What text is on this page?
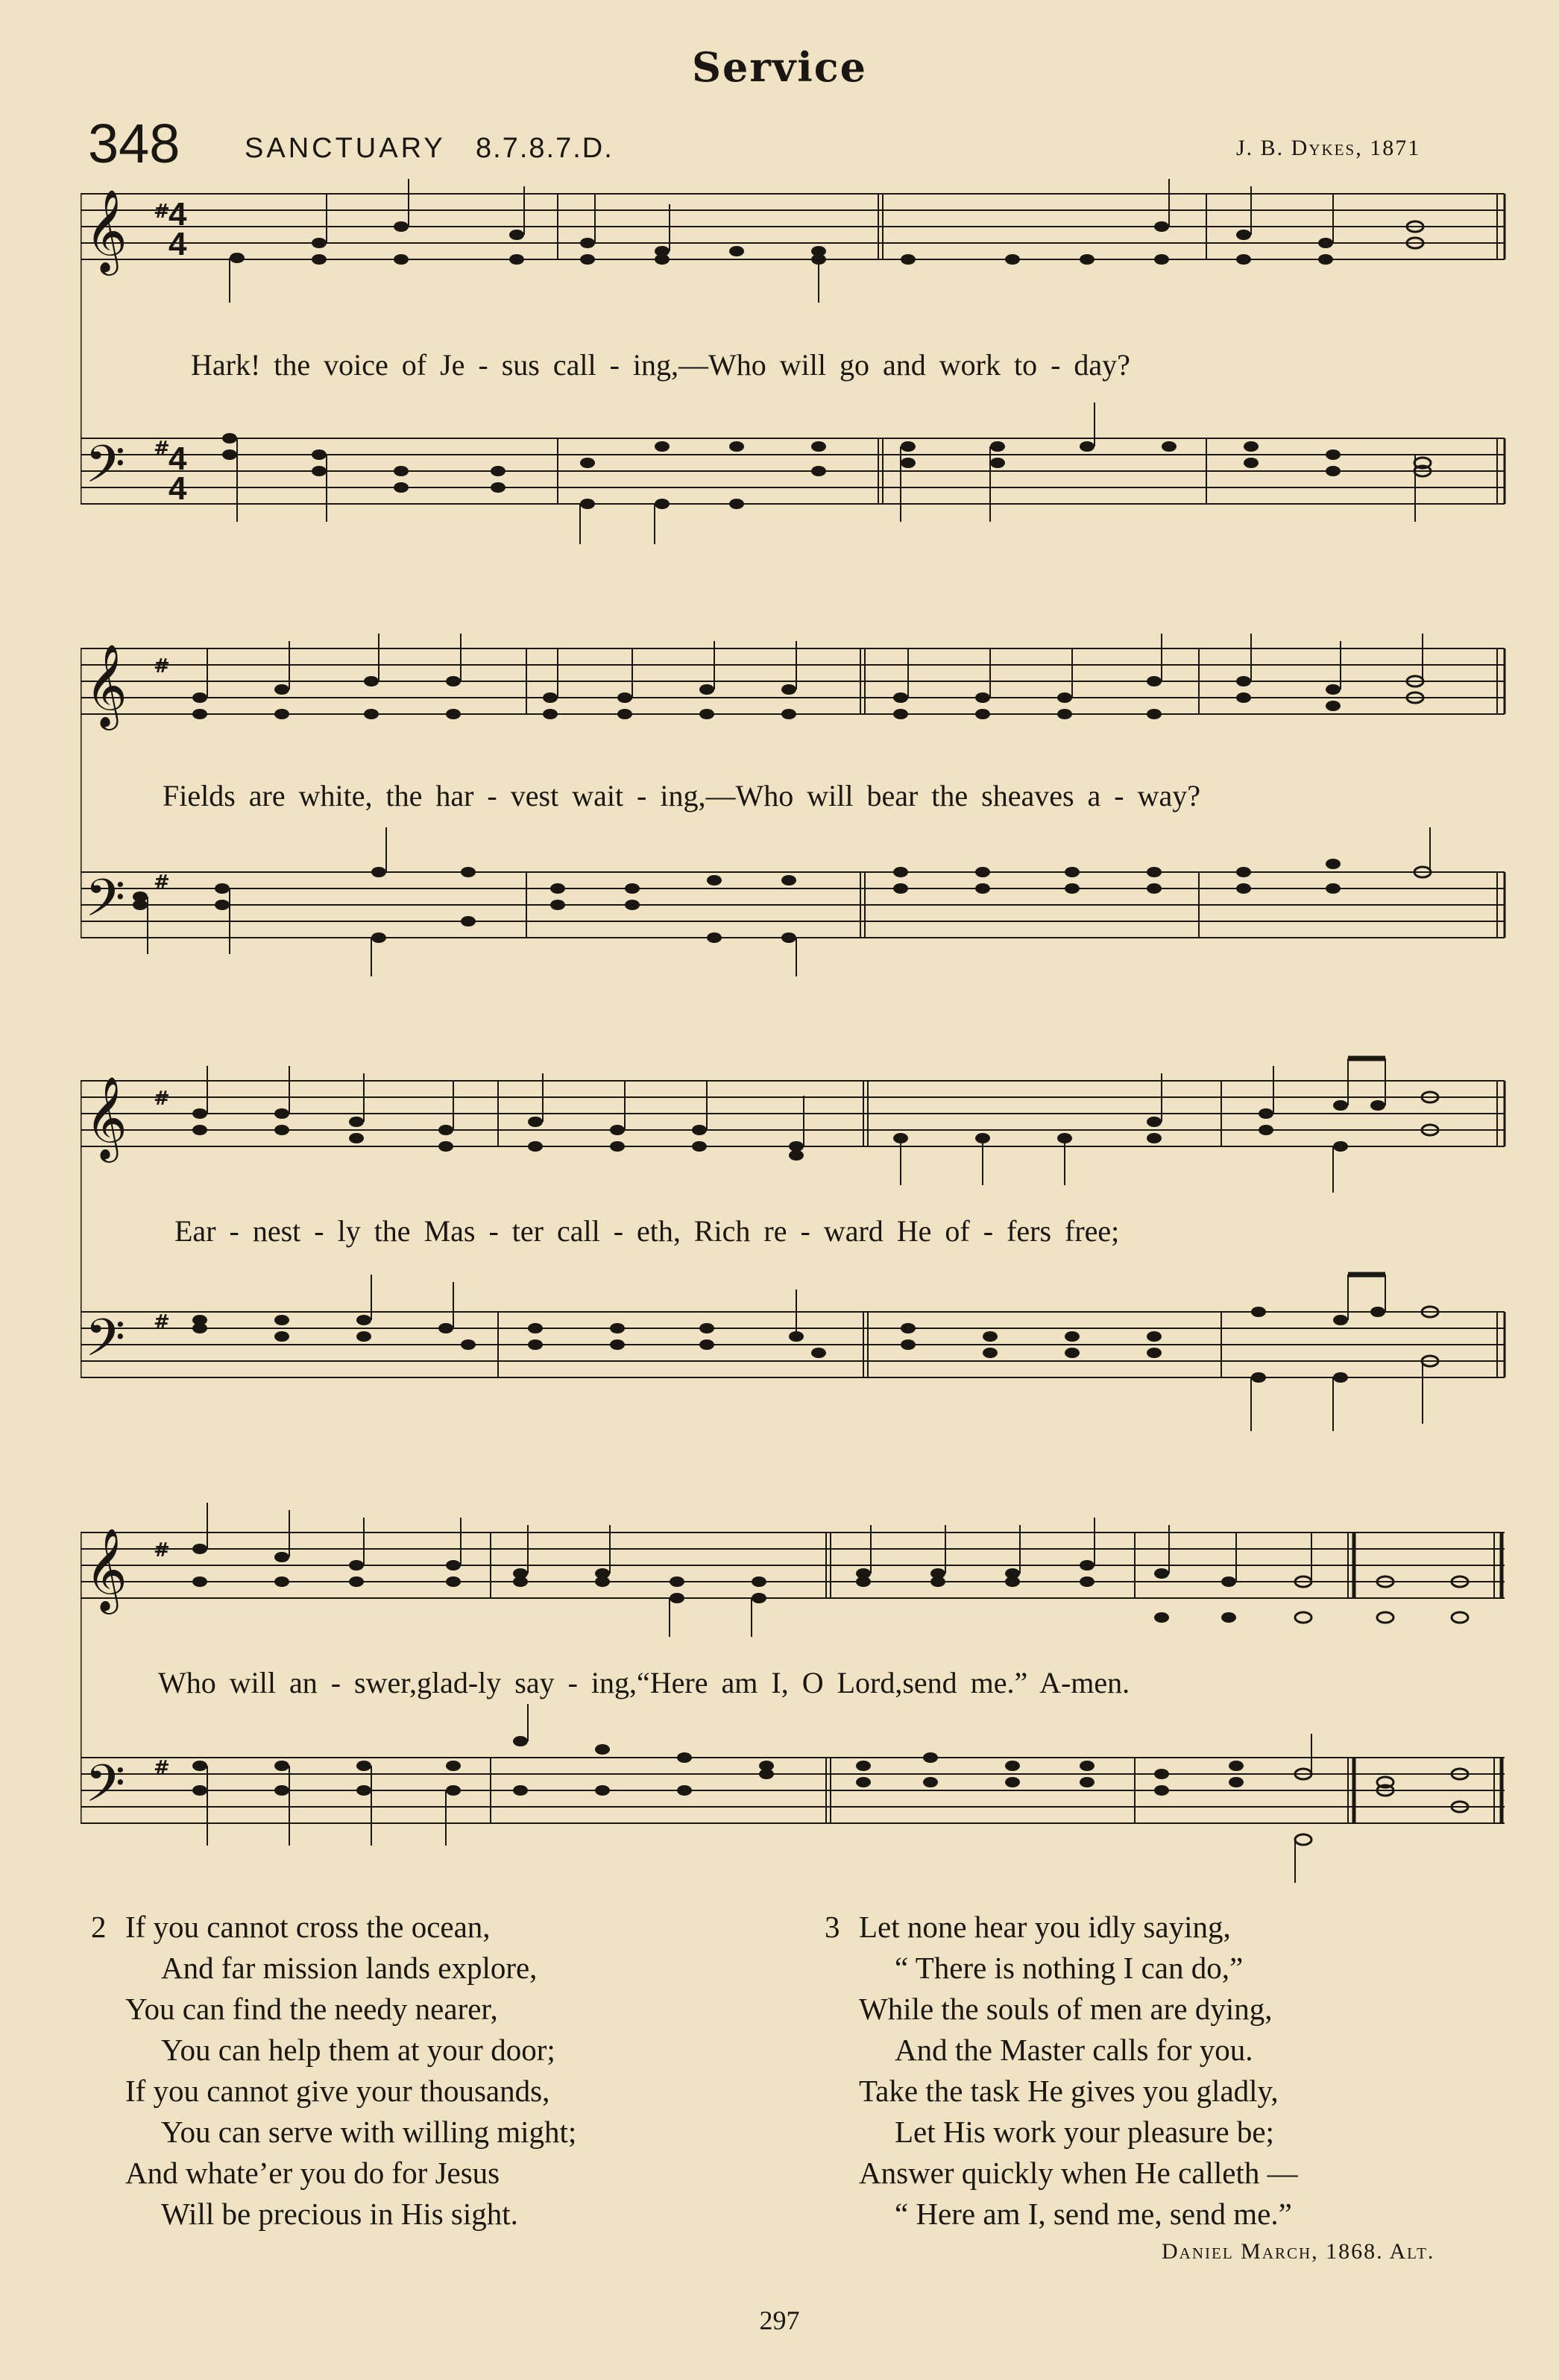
Service
348 SANCTUARY 8.7.8.7.D.	J. B. Dykes, 1871
𝄞
𝄢
#
#
4
4
4
4
Hark! the voice of Je - sus call - ing,—Who will go and work to - day?
𝄞
𝄢
#
#
Fields are white, the har - vest wait - ing,—Who will bear the sheaves a - way?
𝄞
𝄢
#
#
Ear - nest - ly the Mas - ter call - eth, Rich re - ward He of - fers free;
𝄞
𝄢
#
#
Who will an - swer,glad-ly say - ing,“Here am I, O Lord,send me.” A-men.
2 If you cannot cross the ocean,
And far mission lands explore,
You can find the needy nearer,
You can help them at your door;
If you cannot give your thousands,
You can serve with willing might;
And whate’er you do for Jesus
Will be precious in His sight.
3 Let none hear you idly saying,
“ There is nothing I can do,”
While the souls of men are dying,
And the Master calls for you.
Take the task He gives you gladly,
Let His work your pleasure be;
Answer quickly when He calleth —
“ Here am I, send me, send me.”
Daniel March, 1868. Alt.
297
